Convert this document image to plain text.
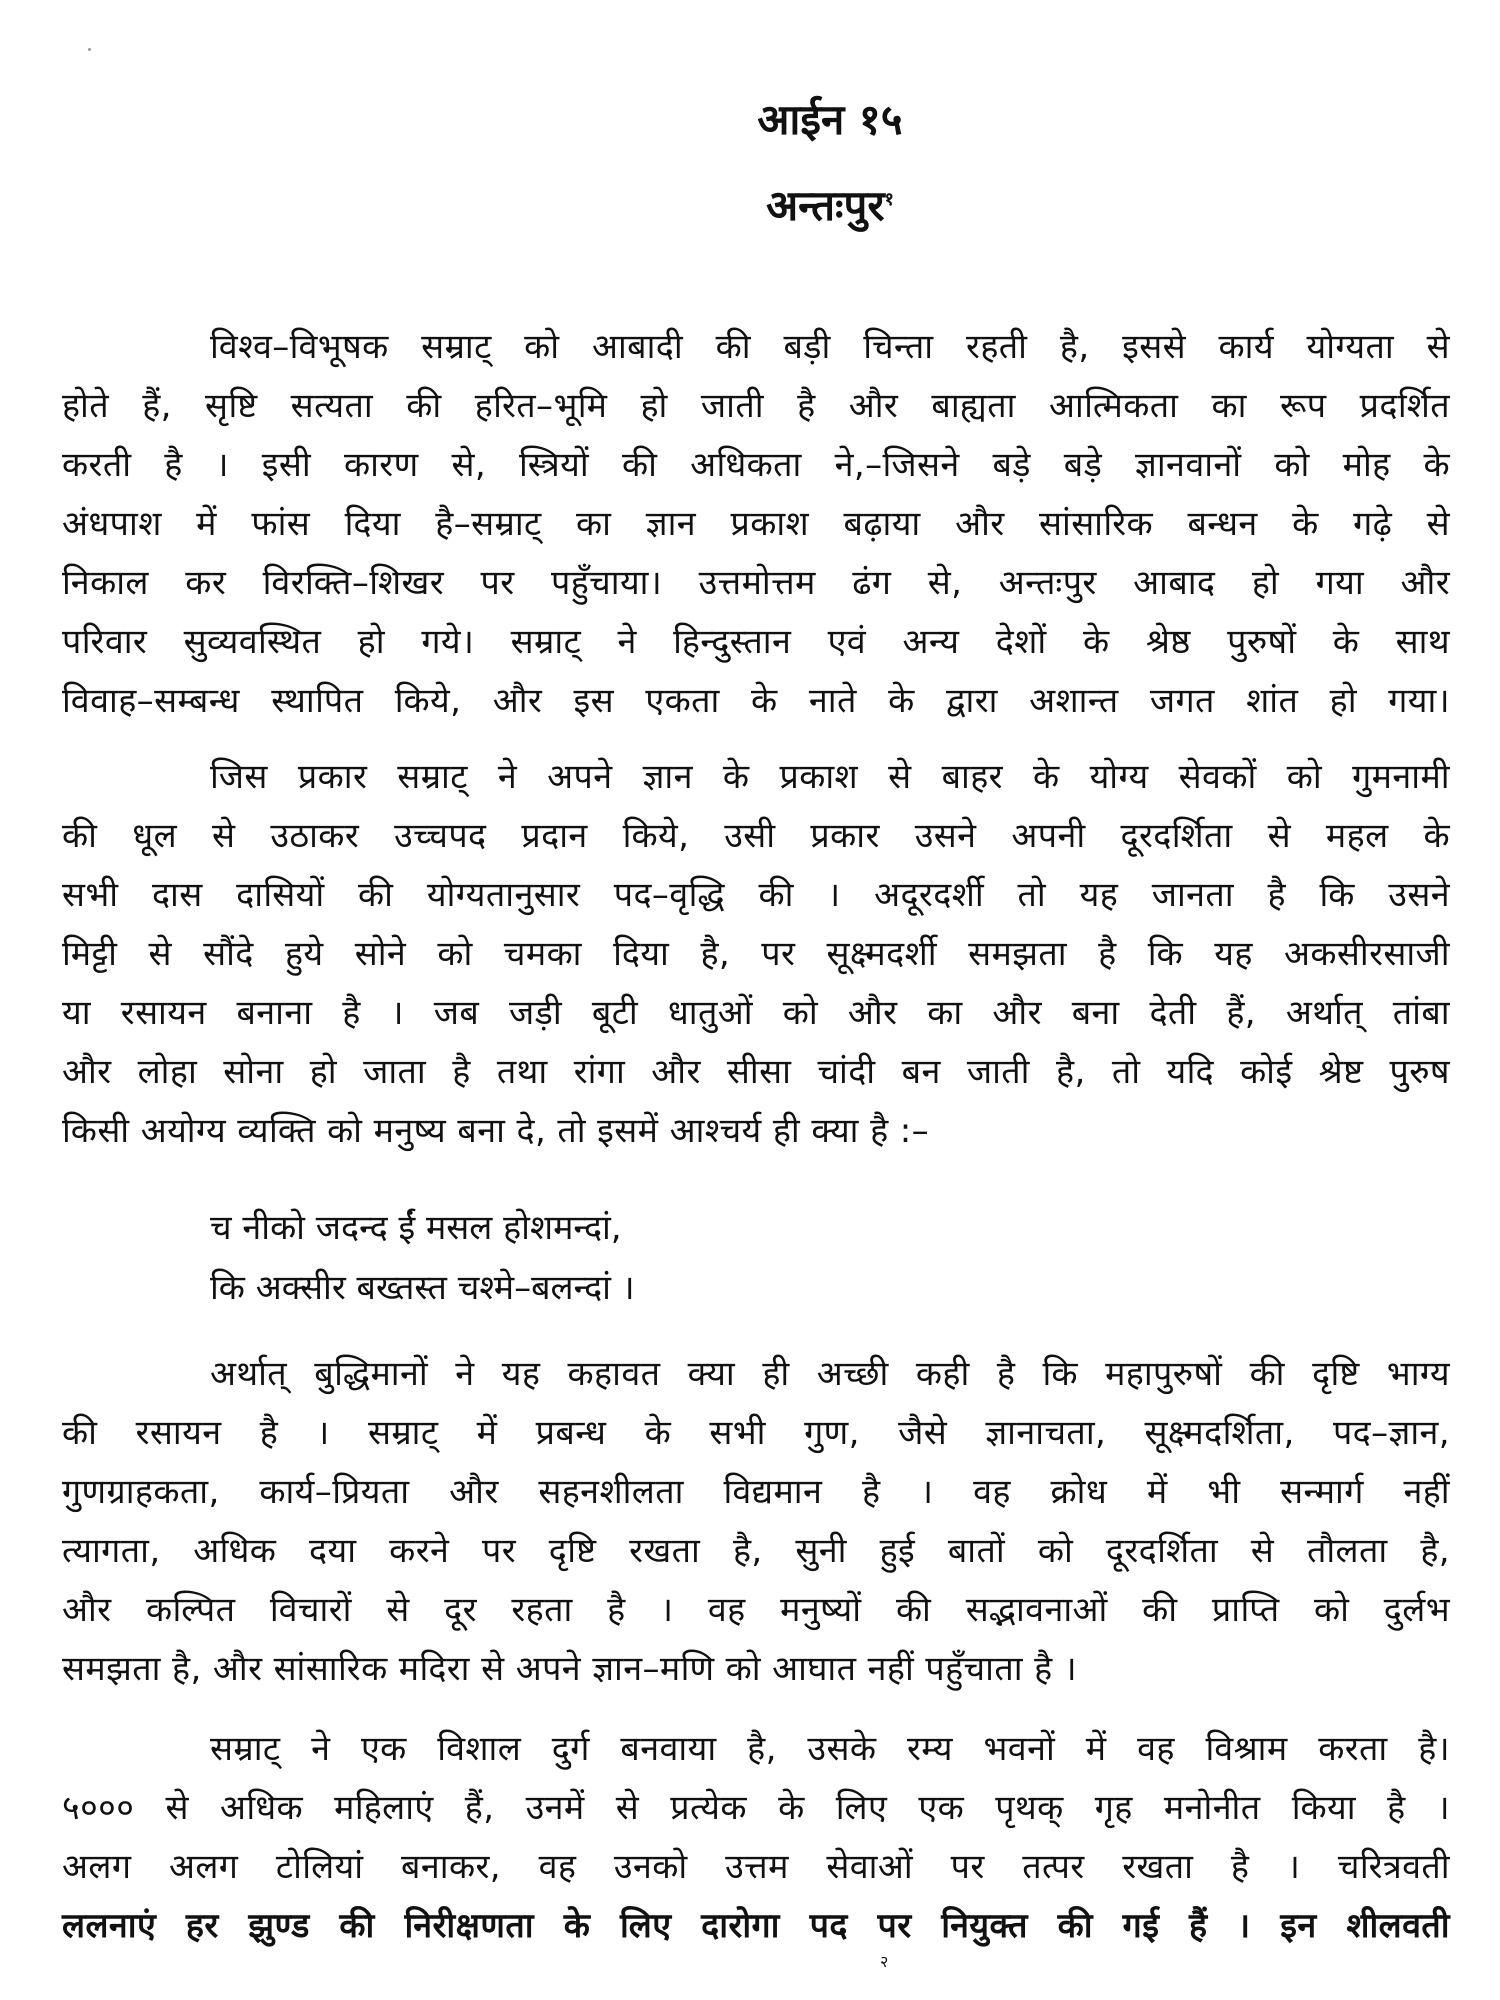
आईन १५
अन्तःपुर$^१$
विश्व–विभूषक सम्राट् को आबादी की बड़ी चिन्ता रहती है, इससे कार्य योग्यता से
होते हैं, सृष्टि सत्यता की हरित–भूमि हो जाती है और बाह्यता आत्मिकता का रूप प्रदर्शित
करती है । इसी कारण से, स्त्रियों की अधिकता ने,–जिसने बड़े बड़े ज्ञानवानों को मोह के
अंधपाश में फांस दिया है–सम्राट् का ज्ञान प्रकाश बढ़ाया और सांसारिक बन्धन के गढ़े से
निकाल कर विरक्ति–शिखर पर पहुँचाया। उत्तमोत्तम ढंग से, अन्तःपुर आबाद हो गया और
परिवार सुव्यवस्थित हो गये। सम्राट् ने हिन्दुस्तान एवं अन्य देशों के श्रेष्ठ पुरुषों के साथ
विवाह–सम्बन्ध स्थापित किये, और इस एकता के नाते के द्वारा अशान्त जगत शांत हो गया।
जिस प्रकार सम्राट् ने अपने ज्ञान के प्रकाश से बाहर के योग्य सेवकों को गुमनामी
की धूल से उठाकर उच्चपद प्रदान किये, उसी प्रकार उसने अपनी दूरदर्शिता से महल के
सभी दास दासियों की योग्यतानुसार पद–वृद्धि की । अदूरदर्शी तो यह जानता है कि उसने
मिट्टी से सौंदे हुये सोने को चमका दिया है, पर सूक्ष्मदर्शी समझता है कि यह अकसीरसाजी
या रसायन बनाना है । जब जड़ी बूटी धातुओं को और का और बना देती हैं, अर्थात् तांबा
और लोहा सोना हो जाता है तथा रांगा और सीसा चांदी बन जाती है, तो यदि कोई श्रेष्ट पुरुष
किसी अयोग्य व्यक्ति को मनुष्य बना दे, तो इसमें आश्चर्य ही क्या है :–
च नीको जदन्द ईं मसल होशमन्दां,
कि अक्सीर बख्तस्त चश्मे–बलन्दां ।
अर्थात् बुद्धिमानों ने यह कहावत क्या ही अच्छी कही है कि महापुरुषों की दृष्टि भाग्य
की रसायन है । सम्राट् में प्रबन्ध के सभी गुण, जैसे ज्ञानाचता, सूक्ष्मदर्शिता, पद–ज्ञान,
गुणग्राहकता, कार्य–प्रियता और सहनशीलता विद्यमान है । वह क्रोध में भी सन्मार्ग नहीं
त्यागता, अधिक दया करने पर दृष्टि रखता है, सुनी हुई बातों को दूरदर्शिता से तौलता है,
और कल्पित विचारों से दूर रहता है । वह मनुष्यों की सद्भावनाओं की प्राप्ति को दुर्लभ
समझता है, और सांसारिक मदिरा से अपने ज्ञान–मणि को आघात नहीं पहुँचाता है ।
सम्राट् ने एक विशाल दुर्ग बनवाया है, उसके रम्य भवनों में वह विश्राम करता है।
५००० से अधिक महिलाएं हैं, उनमें से प्रत्येक के लिए एक पृथक् गृह मनोनीत किया है ।
अलग अलग टोलियां बनाकर, वह उनको उत्तम सेवाओं पर तत्पर रखता है । चरित्रवती
ललनाएं हर झुण्ड की निरीक्षणता के लिए दारोगा पद पर नियुक्त की गई हैं । इन शीलवती
२
